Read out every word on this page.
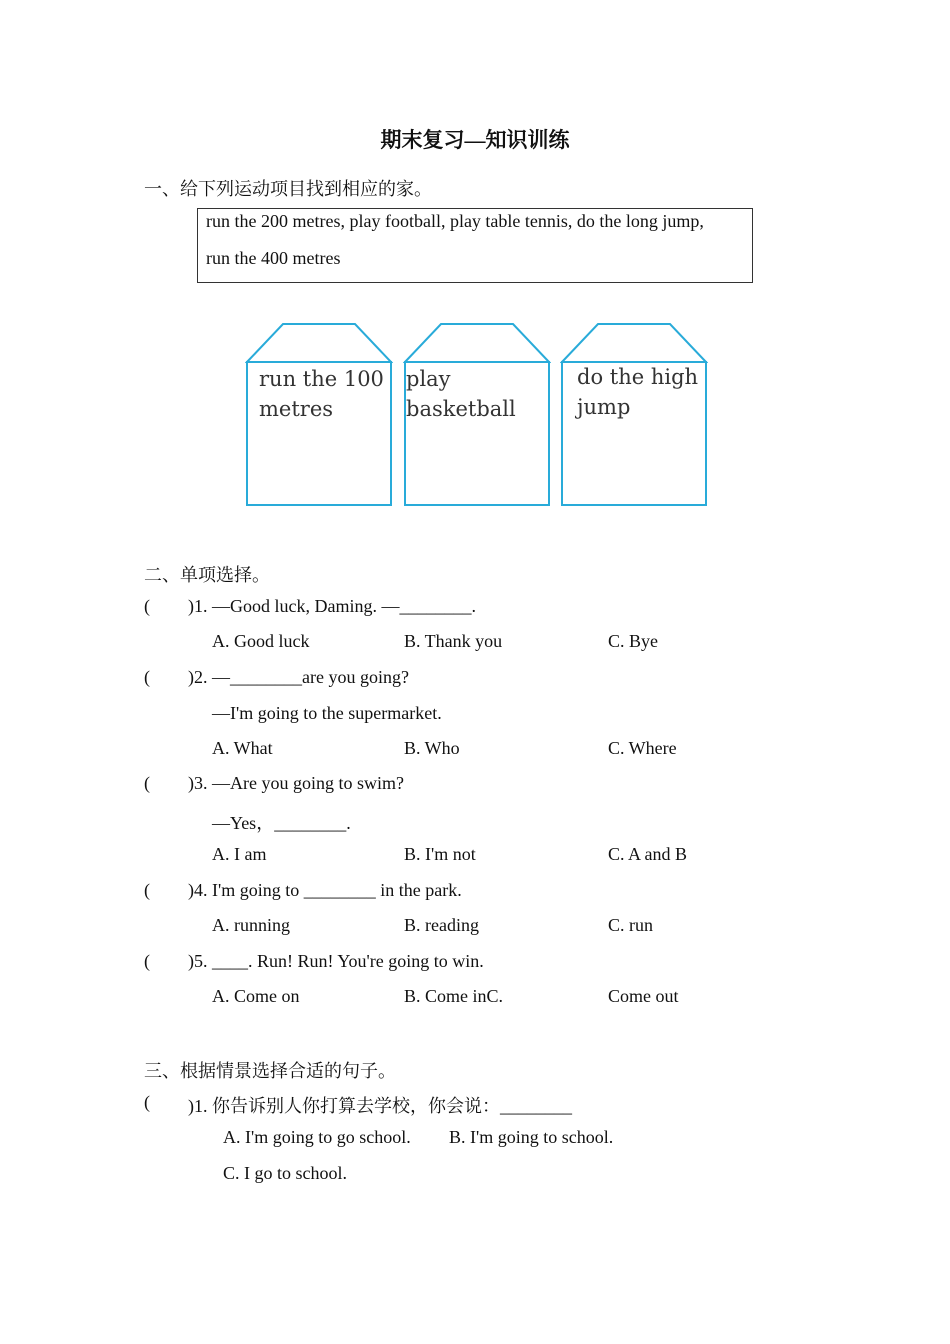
期末复习—知识训练
一、给下列运动项目找到相应的家。
run the 200 metres, play football, play table tennis, do the long jump,
run the 400 metres
run the 100 metres
play basketball
do the high jump
二、单项选择。
( )1. —Good luck, Daming. —________.
A. Good luck	B. Thank you	C. Bye
( )2. —________are you going?
—I'm going to the supermarket.
A. What	B. Who	C. Where
( )3. —Are you going to swim?
—Yes，________.
A. I am	B. I'm not	C. A and B
( )4. I'm going to ________ in the park.
A. running	B. reading	C. run
( )5. ____. Run! Run! You're going to win.
A. Come on	B. Come inC.	Come out
三、根据情景选择合适的句子。
( )1. 你告诉别人你打算去学校，你会说：________
A. I'm going to go school. B. I'm going to school.
C. I go to school.
